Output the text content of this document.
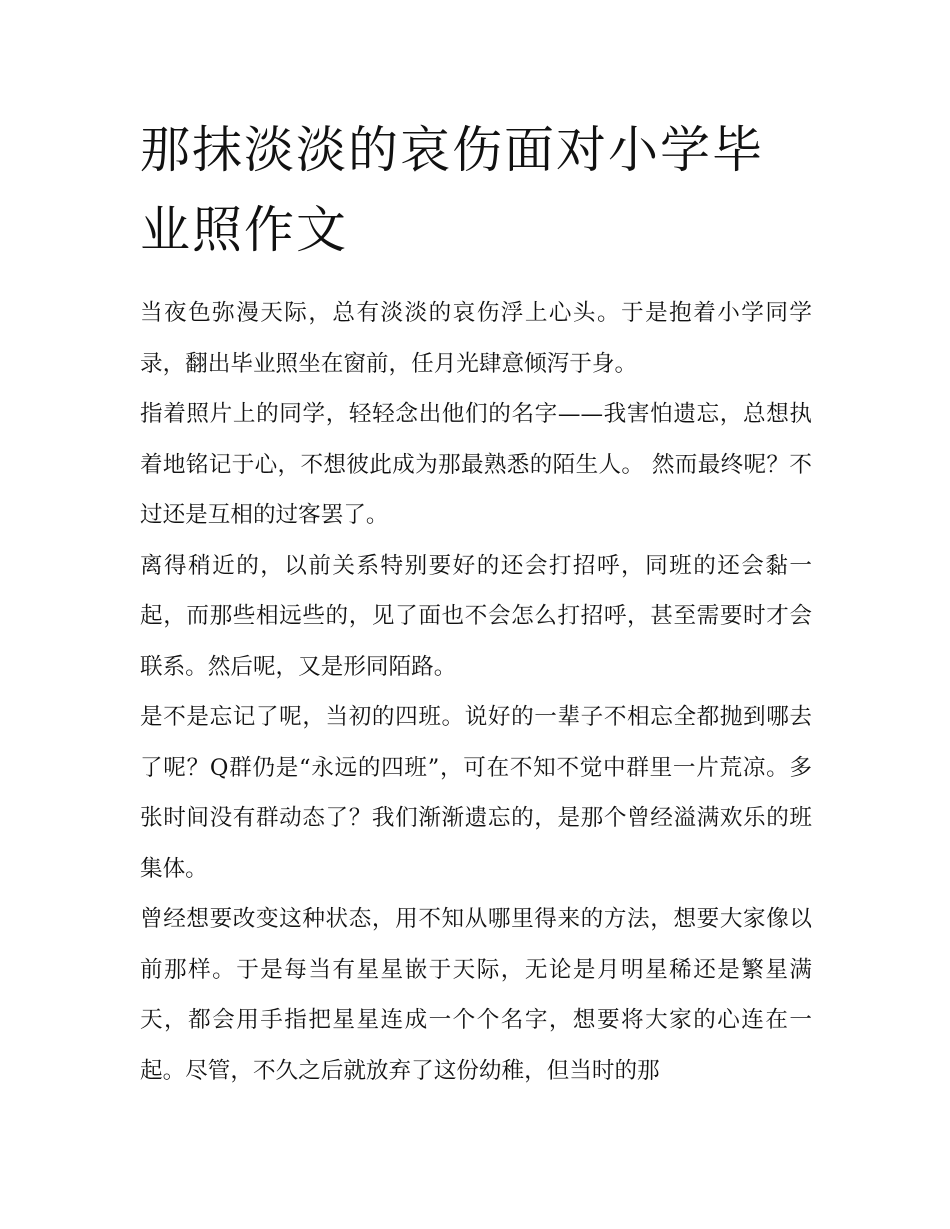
那抹淡淡的哀伤面对小学毕业照作文

当夜色弥漫天际，总有淡淡的哀伤浮上心头。于是抱着小学同学录，翻出毕业照坐在窗前，任月光肆意倾泻于身。

指着照片上的同学，轻轻念出他们的名字——我害怕遗忘，总想执着地铭记于心，不想彼此成为那最熟悉的陌生人。 然而最终呢？不过还是互相的过客罢了。

离得稍近的，以前关系特别要好的还会打招呼，同班的还会黏一起，而那些相远些的，见了面也不会怎么打招呼，甚至需要时才会联系。然后呢，又是形同陌路。

是不是忘记了呢，当初的四班。说好的一辈子不相忘全都抛到哪去了呢？Q群仍是“永远的四班”，可在不知不觉中群里一片荒凉。多张时间没有群动态了？我们渐渐遗忘的，是那个曾经溢满欢乐的班集体。

曾经想要改变这种状态，用不知从哪里得来的方法，想要大家像以前那样。于是每当有星星嵌于天际，无论是月明星稀还是繁星满天，都会用手指把星星连成一个个名字，想要将大家的心连在一起。尽管，不久之后就放弃了这份幼稚，但当时的那
